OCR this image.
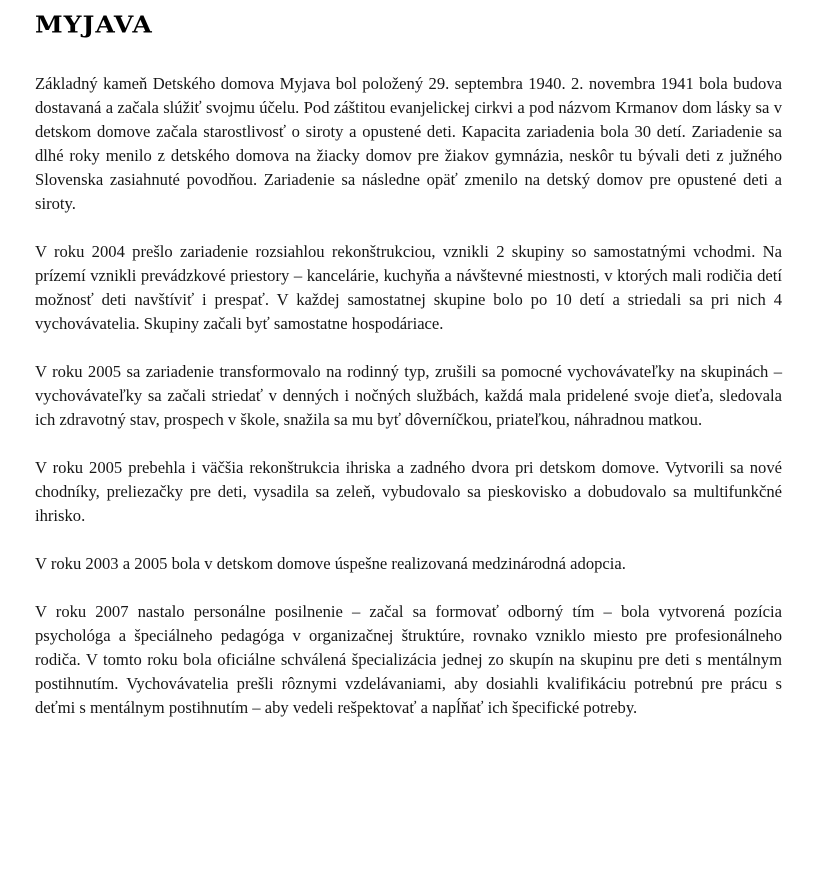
MYJAVA

Základný kameň Detského domova Myjava bol položený 29. septembra 1940. 2. novembra 1941 bola budova dostavaná a začala slúžiť svojmu účelu. Pod záštitou evanjelickej cirkvi a pod názvom Krmanov dom lásky sa v detskom domove začala starostlivosť o siroty a opustené deti. Kapacita zariadenia bola 30 detí. Zariadenie sa dlhé roky menilo z detského domova na žiacky domov pre žiakov gymnázia, neskôr tu bývali deti z južného Slovenska zasiahnuté povodňou. Zariadenie sa následne opäť zmenilo na detský domov pre opustené deti a siroty.

V roku 2004 prešlo zariadenie rozsiahlou rekonštrukciou, vznikli 2 skupiny so samostatnými vchodmi. Na prízemí vznikli prevádzkové priestory – kancelárie, kuchyňa a návštevné miestnosti, v ktorých mali rodičia detí možnosť deti navštíviť i prespať. V každej samostatnej skupine bolo po 10 detí a striedali sa pri nich 4 vychovávatelia. Skupiny začali byť samostatne hospodáriace.

V roku 2005 sa zariadenie transformovalo na rodinný typ, zrušili sa pomocné vychovávateľky na skupinách – vychovávateľky sa začali striedať v denných i nočných službách, každá mala pridelené svoje dieťa, sledovala ich zdravotný stav, prospech v škole, snažila sa mu byť dôverníčkou, priateľkou, náhradnou matkou.

V roku 2005 prebehla i väčšia rekonštrukcia ihriska a zadného dvora pri detskom domove. Vytvorili sa nové chodníky, preliezačky pre deti, vysadila sa zeleň, vybudovalo sa pieskovisko a dobudovalo sa multifunkčné ihrisko.

V roku 2003 a 2005 bola v detskom domove úspešne realizovaná medzinárodná adopcia.

V roku 2007 nastalo personálne posilnenie – začal sa formovať odborný tím – bola vytvorená pozícia psychológa a špeciálneho pedagóga v organizačnej štruktúre, rovnako vzniklo miesto pre profesionálneho rodiča. V tomto roku bola oficiálne schválená špecializácia jednej zo skupín na skupinu pre deti s mentálnym postihnutím. Vychovávatelia prešli rôznymi vzdelávaniami, aby dosiahli kvalifikáciu potrebnú pre prácu s deťmi s mentálnym postihnutím – aby vedeli rešpektovať a napĺňať ich špecifické potreby.
